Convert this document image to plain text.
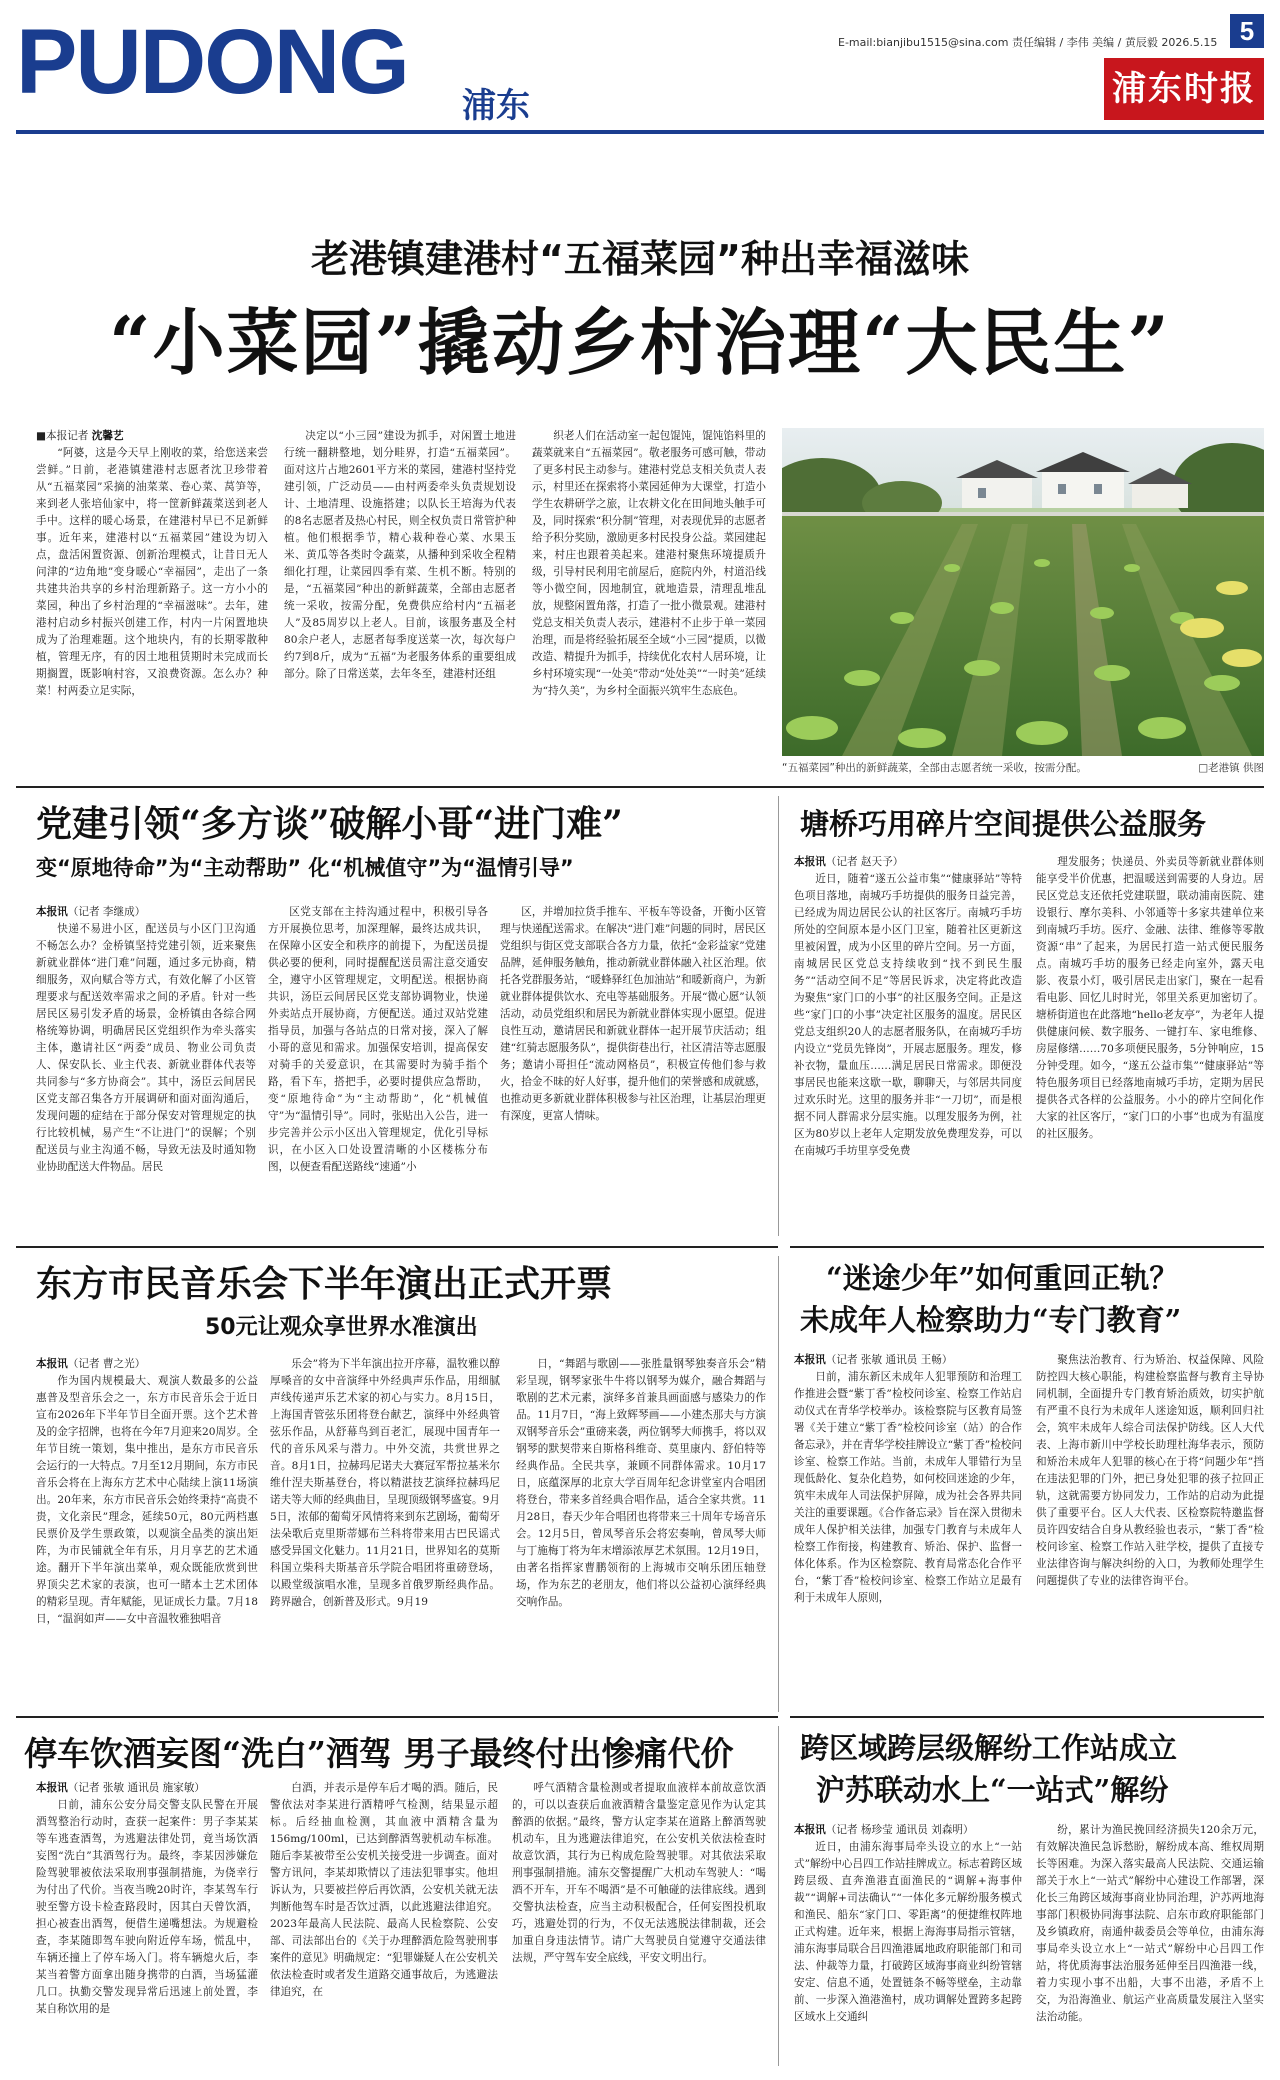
PUDONG 浦东
E-mail:bianjibu1515@sina.com 责任编辑 / 李伟 美编 / 黄辰毅 2026.5.15 5
浦东时报
老港镇建港村“五福菜园”种出幸福滋味
“小菜园”撬动乡村治理“大民生”

■本报记者 沈馨艺

“阿婆，这是今天早上刚收的菜，给您送来尝尝鲜。”日前，老港镇建港村志愿者沈卫珍带着从“五福菜园”采摘的油菜菜、卷心菜、莴笋等，来到老人张培仙家中，将一筐新鲜蔬菜送到老人手中。这样的暖心场景，在建港村早已不足新鲜事。近年来，建港村以“五福菜园”建设为切入点，盘活闲置资源、创新治理模式，让昔日无人问津的“边角地”变身暖心“幸福园”，走出了一条共建共治共享的乡村治理新路子。这一方小小的菜园，种出了乡村治理的“幸福滋味”。去年，建港村启动乡村振兴创建工作，村内一片闲置地块成为了治理难题。这个地块内，有的长期零散种植，管理无序，有的因土地租赁期时未完成而长期搁置，既影响村容，又浪费资源。怎么办？种菜！村两委立足实际，

决定以“小三园”建设为抓手，对闲置土地进行统一翻耕整地，划分畦界，打造“五福菜园”。面对这片占地2601平方米的菜园，建港村坚持党建引领，广泛动员——由村两委牵头负责规划设计、土地清理、设施搭建；以队长王培海为代表的8名志愿者及热心村民，则全权负责日常管护种植。他们根据季节，精心栽种卷心菜、水果玉米、黄瓜等各类时令蔬菜，从播种到采收全程精细化打理，让菜园四季有菜、生机不断。特别的是，“五福菜园”种出的新鲜蔬菜，全部由志愿者统一采收，按需分配，免费供应给村内“五福老人”及85周岁以上老人。目前，该服务惠及全村80余户老人，志愿者每季度送菜一次，每次每户约7到8斤，成为“五福”为老服务体系的重要组成部分。除了日常送菜，去年冬至，建港村还组

织老人们在活动室一起包馄饨，馄饨馅料里的蔬菜就来自“五福菜园”。敬老服务可感可触，带动了更多村民主动参与。建港村党总支相关负责人表示，村里还在探索将小菜园延伸为大课堂，打造小学生农耕研学之旅，让农耕文化在田间地头触手可及，同时探索“积分制”管理，对表现优异的志愿者给予积分奖励，激励更多村民投身公益。菜园建起来，村庄也跟着美起来。建港村聚焦环境提质升级，引导村民利用宅前屋后，庭院内外，村道沿线等小微空间，因地制宜，就地造景，清理乱堆乱放，规整闲置角落，打造了一批小微景观。建港村党总支相关负责人表示，建港村不止步于单一菜园治理，而是将经验拓展至全域“小三园”提质，以微改造、精提升为抓手，持续优化农村人居环境，让乡村环境实现“一处美”带动“处处美”“一时美”延续为“持久美”，为乡村全面振兴筑牢生态底色。

“五福菜园”种出的新鲜蔬菜，全部由志愿者统一采收，按需分配。	□老港镇 供图
党建引领“多方谈”破解小哥“进门难”
变“原地待命”为“主动帮助” 化“机械值守”为“温情引导”

本报讯（记者 李继成）

快递不易进小区，配送员与小区门卫沟通不畅怎么办？金桥镇坚持党建引领，近来聚焦新就业群体“进门难”问题，通过多元协商，精细服务，双向赋合等方式，有效化解了小区管理要求与配送效率需求之间的矛盾。针对一些居民区易引发矛盾的场景，金桥镇由各综合网格统筹协调，明确居民区党组织作为牵头落实主体，邀请社区“两委”成员、物业公司负责人、保安队长、业主代表、新就业群体代表等共同参与“多方协商会”。其中，汤臣云间居民区党支部召集各方开展调研和面对面沟通后，发现问题的症结在于部分保安对管理规定的执行比较机械，易产生“不让进门”的误解；个别配送员与业主沟通不畅，导致无法及时通知物业协助配送大件物品。居民

区党支部在主持沟通过程中，积极引导各方开展换位思考，加深理解，最终达成共识，在保障小区安全和秩序的前提下，为配送员提供必要的便利，同时提醒配送员需注意交通安全，遵守小区管理规定，文明配送。根据协商共识，汤臣云间居民区党支部协调物业，快递外卖站点开展协商，方便配送。通过双站党建指导员，加强与各站点的日常对接，深入了解小哥的意见和需求。加强保安培训，提高保安对骑手的关爱意识，在其需要时为骑手指个路，看下车，搭把手，必要时提供应急帮助，变“原地待命”为“主动帮助”，化“机械值守”为“温情引导”。同时，张贴出入公告，进一步完善并公示小区出入管理规定，优化引导标识，在小区入口处设置清晰的小区楼栋分布图，以便查看配送路线“速通”小

区，并增加拉货手推车、平板车等设备，开衡小区管理与快递配送需求。在解决“进门难”问题的同时，居民区党组织与街区党支部联合各方力量，依托“金彩益家”党建品牌，延伸服务触角，推动新就业群体融入社区治理。依托各党群服务站，“暖蜂驿红色加油站”和暖新商户，为新就业群体提供饮水、充电等基础服务。开展“微心愿”认领活动，动员党组织和居民为新就业群体实现小愿望。促进良性互动，邀请居民和新就业群体一起开展节庆活动；组建“红骑志愿服务队”，提供街巷出行，社区清洁等志愿服务；邀请小哥担任“流动网格员”，积极宣传他们参与救火，拾金不昧的好人好事，提升他们的荣誉感和成就感，也推动更多新就业群体积极参与社区治理，让基层治理更有深度，更富人情味。

塘桥巧用碎片空间提供公益服务

本报讯（记者 赵天予）

近日，随着“遂五公益市集”“健康驿站”等特色项目落地，南城巧手坊提供的服务日益完善，已经成为周边居民公认的社区客厅。南城巧手坊所处的空间原本是小区门卫室，随着社区更新这里被闲置，成为小区里的碎片空间。另一方面，南城居民区党总支持续收到“找不到民生服务”“活动空间不足”等居民诉求，决定将此改造为聚焦“家门口的小事”的社区服务空间。正是这些“家门口的小事”决定社区服务的温度。居民区党总支组织20人的志愿者服务队，在南城巧手坊内设立“党员先锋岗”，开展志愿服务。理发，修补衣物，量血压……满足居民日常需求。即便没事居民也能来这歇一歇，聊聊天，与邻居共同度过欢乐时光。这里的服务并非“一刀切”，而是根据不同人群需求分层实施。以理发服务为例，社区为80岁以上老年人定期发放免费理发券，可以在南城巧手坊里享受免费

理发服务；快递员、外卖员等新就业群体则能享受半价优惠，把温暖送到需要的人身边。居民区党总支还依托党建联盟，联动浦南医院、建设银行、摩尔美科、小邻通等十多家共建单位来到南城巧手坊。医疗、金融、法律、维修等零散资源“串”了起来，为居民打造一站式便民服务点。南城巧手坊的服务已经走向室外，露天电影、夜景小灯，吸引居民走出家门，聚在一起看看电影、回忆儿时时光，邻里关系更加密切了。塘桥街道也在此落地“hello老友亭”，为老年人提供健康问候、数字服务、一键打车、家电维修、房屋修缮……70多项便民服务，5分钟响应，15分钟受理。如今，“遂五公益市集”“健康驿站”等特色服务项目已经落地南城巧手坊，定期为居民提供各式各样的公益服务。小小的碎片空间化作大家的社区客厅，“家门口的小事”也成为有温度的社区服务。

东方市民音乐会下半年演出正式开票
50元让观众享世界水准演出

本报讯（记者 曹之光）

作为国内规模最大、观演人数最多的公益惠普及型音乐会之一，东方市民音乐会于近日宣布2026年下半年节目全面开票。这个艺术普及的金字招牌，也将在今年7月迎来20周岁。全年节目统一策划，集中推出，是东方市民音乐会运行的一大特点。7月至12月期间，东方市民音乐会将在上海东方艺术中心陆续上演11场演出。20年来，东方市民音乐会始终秉持“高贵不贵，文化亲民”理念，延续50元，80元两档惠民票价及学生票政策，以观演全品类的演出矩阵，为市民铺就全年有乐，月月享艺的艺术通途。翻开下半年演出菜单，观众既能欣赏到世界顶尖艺术家的表演，也可一睹本土艺术团体的精彩呈现。青年赋能，见证成长力量。7月18日，“温润如声——女中音温牧雅独唱音

乐会”将为下半年演出拉开序幕，温牧雅以醇厚嗓音的女中音演绎中外经典声乐作品，用细腻声线传递声乐艺术家的初心与实力。8月15日，上海国青管弦乐团将登台献艺，演绎中外经典管弦乐作品，从舒幕鸟到百老汇，展现中国青年一代的音乐风采与潜力。中外交流，共赏世界之音。8月1日，拉赫玛尼诺夫大赛冠军帮拉基米尔维什涅夫斯基登台，将以精湛技艺演绎拉赫玛尼诺夫等大师的经典曲目，呈现顶级钢琴盛宴。9月5日，浓郁的葡萄牙风情将来到东艺剧场，葡萄牙法朵歌后克里斯蒂娜布兰科将带来用古巴民谣式感受异国文化魅力。11月21日，世界知名的莫斯科国立柴科夫斯基音乐学院合唱团将重磅登场，以殿堂级演唱水准，呈现多首俄罗斯经典作品。跨界融合，创新普及形式。9月19

日，“舞蹈与歌剧——张胜量钢琴独奏音乐会”精彩呈现，钢琴家张牛牛将以钢琴为媒介，融合舞蹈与歌剧的艺术元素，演绎多首兼具画面感与感染力的作品。11月7日，“海上致辉琴画——小建杰那夫与方演双钢琴音乐会”重磅来袭，两位钢琴大师携手，将以双钢琴的默契带来自斯格科维奇、莫里康内、舒伯特等经典作品。全民共享，兼顾不同群体需求。10月17日，底蕴深厚的北京大学百周年纪念讲堂室内合唱团将登台，带来多首经典合唱作品，适合全家共赏。11月28日，春天少年合唱团也将带来三十周年专场音乐会。12月5日，曾凤琴音乐会将宏奏响，曾凤琴大师与丁施梅丁将为年末增添浓厚艺术氛围。12月19日，由著名指挥家曹鹏领衔的上海城市交响乐团压轴登场，作为东艺的老朋友，他们将以公益初心演绎经典交响作品。

“迷途少年”如何重回正轨？
未成年人检察助力“专门教育”

本报讯（记者 张敏 通讯员 王畅）

日前，浦东新区未成年人犯罪预防和治理工作推进会暨“紫丁香”检校问诊室、检察工作站启动仪式在青华学校举办。该检察院与区教育局签署《关于建立“紫丁香”检校问诊室（站）的合作备忘录》，并在青华学校挂牌设立“紫丁香”检校问诊室、检察工作站。当前，未成年人罪错行为呈现低龄化、复杂化趋势，如何校回迷途的少年，筑牢未成年人司法保护屏障，成为社会各界共同关注的重要课题。《合作备忘录》旨在深入贯彻未成年人保护相关法律，加强专门教育与未成年人检察工作衔接，构建教育、矫治、保护、监督一体化体系。作为区检察院、教育局常态化合作平台，“紫丁香”检校问诊室、检察工作站立足最有利于未成年人原则，

聚焦法治教育、行为矫治、权益保障、风险防控四大核心职能，构建检察监督与教育主导协同机制，全面提升专门教育矫治质效，切实护航有严重不良行为未成年人迷途知返，顺利回归社会，筑牢未成年人综合司法保护防线。区人大代表、上海市新川中学校长助理杜海华表示，预防和矫治未成年人犯罪的核心在于将“问题少年”挡在违法犯罪的门外，把已身处犯罪的孩子拉回正轨，这就需要方协同发力，工作站的启动为此提供了重要平台。区人大代表、区检察院特邀监督员许四安结合自身从教经验也表示，“紫丁香”检校问诊室、检察工作站入驻学校，提供了直接专业法律咨询与解决纠纷的入口，为教师处理学生问题提供了专业的法律咨询平台。

停车饮酒妄图“洗白”酒驾 男子最终付出惨痛代价

本报讯（记者 张敏 通讯员 施家敏）

日前，浦东公安分局交警支队民警在开展酒驾整治行动时，查获一起案件：男子李某某等车逃查酒驾，为逃避法律处罚，竟当场饮酒妄图“洗白”其酒驾行为。最终，李某因涉嫌危险驾驶罪被依法采取刑事强制措施，为侥幸行为付出了代价。当夜当晚20时许，李某驾车行驶至警方设卡检查路段时，因其白天曾饮酒，担心被查出酒驾，便借生递嘴想法。为规避检查，李某随即驾车驶向附近停车场，慌乱中，车辆还撞上了停车场入门。将车辆熄火后，李某当着警方面拿出随身携带的白酒，当场猛灌几口。执勤交警发现异常后迅速上前处置，李某自称饮用的是

白酒，并表示是停车后才喝的酒。随后，民警依法对李某进行酒精呼气检测，结果显示超标。后经抽血检测，其血液中酒精含量为156mg/100ml，已达到醉酒驾驶机动车标准。随后李某被带至公安机关接受进一步调查。面对警方讯问，李某却欺情以了违法犯罪事实。他坦诉认为，只要被拦停后再饮酒，公安机关就无法判断他驾车时是否饮过酒，以此逃避法律追究。2023年最高人民法院、最高人民检察院、公安部、司法部出台的《关于办理醉酒危险驾驶刑事案件的意见》明确规定：“犯罪嫌疑人在公安机关依法检查时或者发生道路交通事故后，为逃避法律追究，在

呼气酒精含量检测或者提取血液样本前故意饮酒的，可以以查获后血液酒精含量鉴定意见作为认定其醉酒的依据。”最终，警方认定李某在道路上醉酒驾驶机动车，且为逃避法律追究，在公安机关依法检查时故意饮酒，其行为已构成危险驾驶罪。对其依法采取刑事强制措施。浦东交警提醒广大机动车驾驶人：“喝酒不开车，开车不喝酒”是不可触碰的法律底线。遇到交警执法检查，应当主动积极配合，任何妄图投机取巧，逃避处罚的行为，不仅无法逃脱法律制裁，还会加重自身违法情节。请广大驾驶员自觉遵守交通法律法规，严守驾车安全底线，平安文明出行。

跨区域跨层级解纷工作站成立
沪苏联动水上“一站式”解纷

本报讯（记者 杨珍莹 通讯员 刘森明）

近日，由浦东海事局牵头设立的水上“一站式”解纷中心吕四工作站挂牌成立。标志着跨区域跨层级、直奔渔港直面渔民的“调解+海事仲裁”“调解+司法确认”“一体化多元解纷服务模式和渔民、船东“家门口、零距离”的便捷维权阵地正式构建。近年来，根据上海海事局指示管辖，浦东海事局联合吕四渔港属地政府职能部门和司法、仲裁等力量，打破跨区域海事商业纠纷管辖安定、信息不通，处置链条不畅等壁垒，主动靠前、一步深入渔港渔村，成功调解处置跨多起跨区域水上交通纠

纷，累计为渔民挽回经济损失120余万元，有效解决渔民急诉愁盼，解纷成本高、维权周期长等困难。为深入落实最高人民法院、交通运输部关于水上“一站式”解纷中心建设工作部署，深化长三角跨区域海事商业协同治理，沪苏两地海事部门积极协同海事法院、启东市政府职能部门及乡镇政府，南通仲裁委员会等单位，由浦东海事局牵头设立水上“一站式”解纷中心吕四工作站，将优质海事法治服务延伸至吕四渔港一线，着力实现小事不出船，大事不出港，矛盾不上交，为沿海渔业、航运产业高质量发展注入坚实法治动能。
